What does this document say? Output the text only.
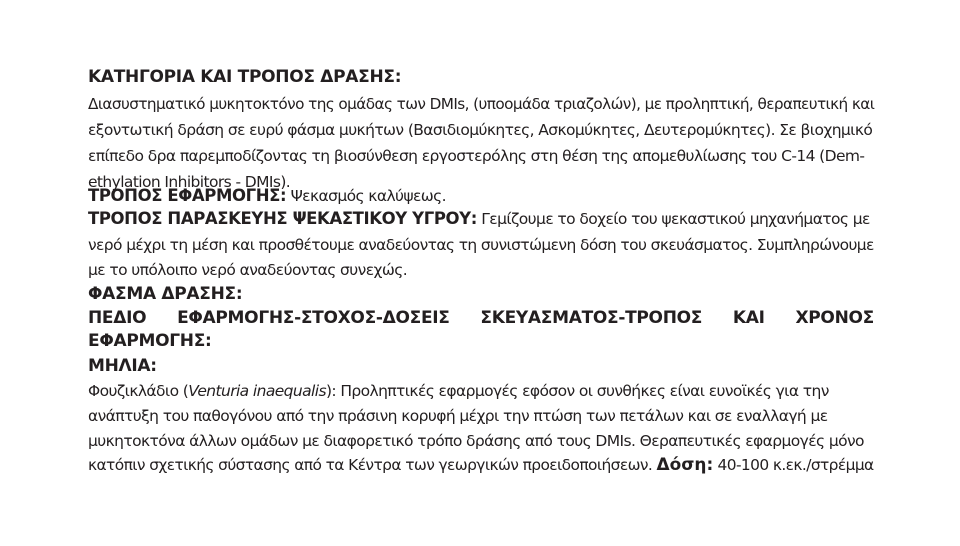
ΚΑΤΗΓΟΡΙΑ ΚΑΙ ΤΡΟΠΟΣ ΔΡΑΣΗΣ:
Διασυστηματικό μυκητοκτόνο της ομάδας των DMIs, (υποομάδα τριαζολών), με προληπτική, θεραπευτική και
εξοντωτική δράση σε ευρύ φάσμα μυκήτων (Βασιδιομύκητες, Ασκομύκητες, Δευτερομύκητες). Σε βιοχημικό
επίπεδο δρα παρεμποδίζοντας τη βιοσύνθεση εργοστερόλης στη θέση της απομεθυλίωσης του C-14 (Dem-
ethylation Inhibitors - DMIs).
ΤΡΟΠΟΣ ΕΦΑΡΜΟΓΗΣ: Ψεκασμός καλύψεως.
ΤΡΟΠΟΣ ΠΑΡΑΣΚΕΥΗΣ ΨΕΚΑΣΤΙΚΟΥ ΥΓΡΟΥ: Γεμίζουμε το δοχείο του ψεκαστικού μηχανήματος με
νερό μέχρι τη μέση και προσθέτουμε αναδεύοντας τη συνιστώμενη δόση του σκευάσματος. Συμπληρώνουμε
με το υπόλοιπο νερό αναδεύοντας συνεχώς.
ΦΑΣΜΑ ΔΡΑΣΗΣ:
ΠΕΔΙΟ ΕΦΑΡΜΟΓΗΣ-ΣΤΟΧΟΣ-ΔΟΣΕΙΣ ΣΚΕΥΑΣΜΑΤΟΣ-ΤΡΟΠΟΣ ΚΑΙ ΧΡΟΝΟΣ
ΕΦΑΡΜΟΓΗΣ:
ΜΗΛΙΑ:
Φουζικλάδιο (Venturia inaequalis): Προληπτικές εφαρμογές εφόσον οι συνθήκες είναι ευνοϊκές για την
ανάπτυξη του παθογόνου από την πράσινη κορυφή μέχρι την πτώση των πετάλων και σε εναλλαγή με
μυκητοκτόνα άλλων ομάδων με διαφορετικό τρόπο δράσης από τους DMIs. Θεραπευτικές εφαρμογές μόνο
κατόπιν σχετικής σύστασης από τα Κέντρα των γεωργικών προειδοποιήσεων. Δόση: 40-100 κ.εκ./στρέμμα
